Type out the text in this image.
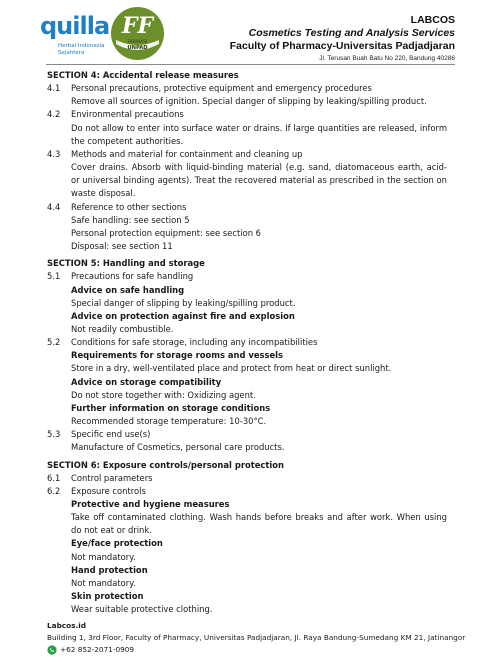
quilla
Herbal Indonesia
Sejahtera
FF
FARMASI
UNPAD
LABCOS
Cosmetics Testing and Analysis Services
Faculty of Pharmacy-Universitas Padjadjaran
Jl. Terusan Buah Batu No 220, Bandung 40286
SECTION 4: Accidental release measures
4.1 Personal precautions, protective equipment and emergency procedures
Remove all sources of ignition. Special danger of slipping by leaking/spilling product.
4.2 Environmental precautions
Do not allow to enter into surface water or drains. If large quantities are released, inform the competent authorities.
4.3 Methods and material for containment and cleaning up
Cover drains. Absorb with liquid-binding material (e.g. sand, diatomaceous earth, acid- or universal binding agents). Treat the recovered material as prescribed in the section on waste disposal.
4.4 Reference to other sections
Safe handling: see section 5
Personal protection equipment: see section 6
Disposal: see section 11
SECTION 5: Handling and storage
5.1 Precautions for safe handling
Advice on safe handling
Special danger of slipping by leaking/spilling product.
Advice on protection against fire and explosion
Not readily combustible.
5.2 Conditions for safe storage, including any incompatibilities
Requirements for storage rooms and vessels
Store in a dry, well-ventilated place and protect from heat or direct sunlight.
Advice on storage compatibility
Do not store together with: Oxidizing agent.
Further information on storage conditions
Recommended storage temperature: 10-30°C.
5.3 Specific end use(s)
Manufacture of Cosmetics, personal care products.
SECTION 6: Exposure controls/personal protection
6.1 Control parameters
6.2 Exposure controls
Protective and hygiene measures
Take off contaminated clothing. Wash hands before breaks and after work. When using do not eat or drink.
Eye/face protection
Not mandatory.
Hand protection
Not mandatory.
Skin protection
Wear suitable protective clothing.
Labcos.id
Building 1, 3rd Floor, Faculty of Pharmacy, Universitas Padjadjaran, Jl. Raya Bandung-Sumedang KM 21, Jatinangor
+62 852-2071-0909
